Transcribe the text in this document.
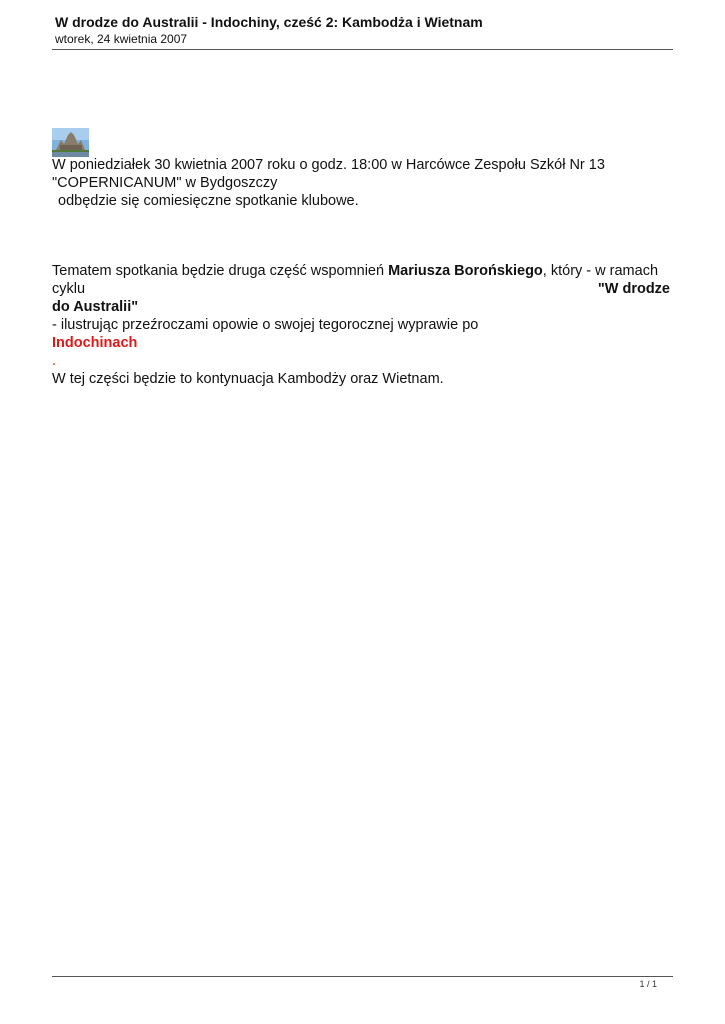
W drodze do Australii - Indochiny, cześć 2: Kambodża i Wietnam
wtorek, 24 kwietnia 2007

W poniedziałek 30 kwietnia 2007 roku o godz. 18:00 w Harcówce Zespołu Szkół Nr 13
"COPERNICANUM" w Bydgoszczy
odbędzie się comiesięczne spotkanie klubowe.

Tematem spotkania będzie druga część wspomnień Mariusza Borońskiego, który - w ramach

cyklu	"W drodze
do Australii"
- ilustrując przeźroczami opowie o swojej tegorocznej wyprawie po
Indochinach
.
W tej części będzie to kontynuacja Kambodży oraz Wietnam.
1 / 1
